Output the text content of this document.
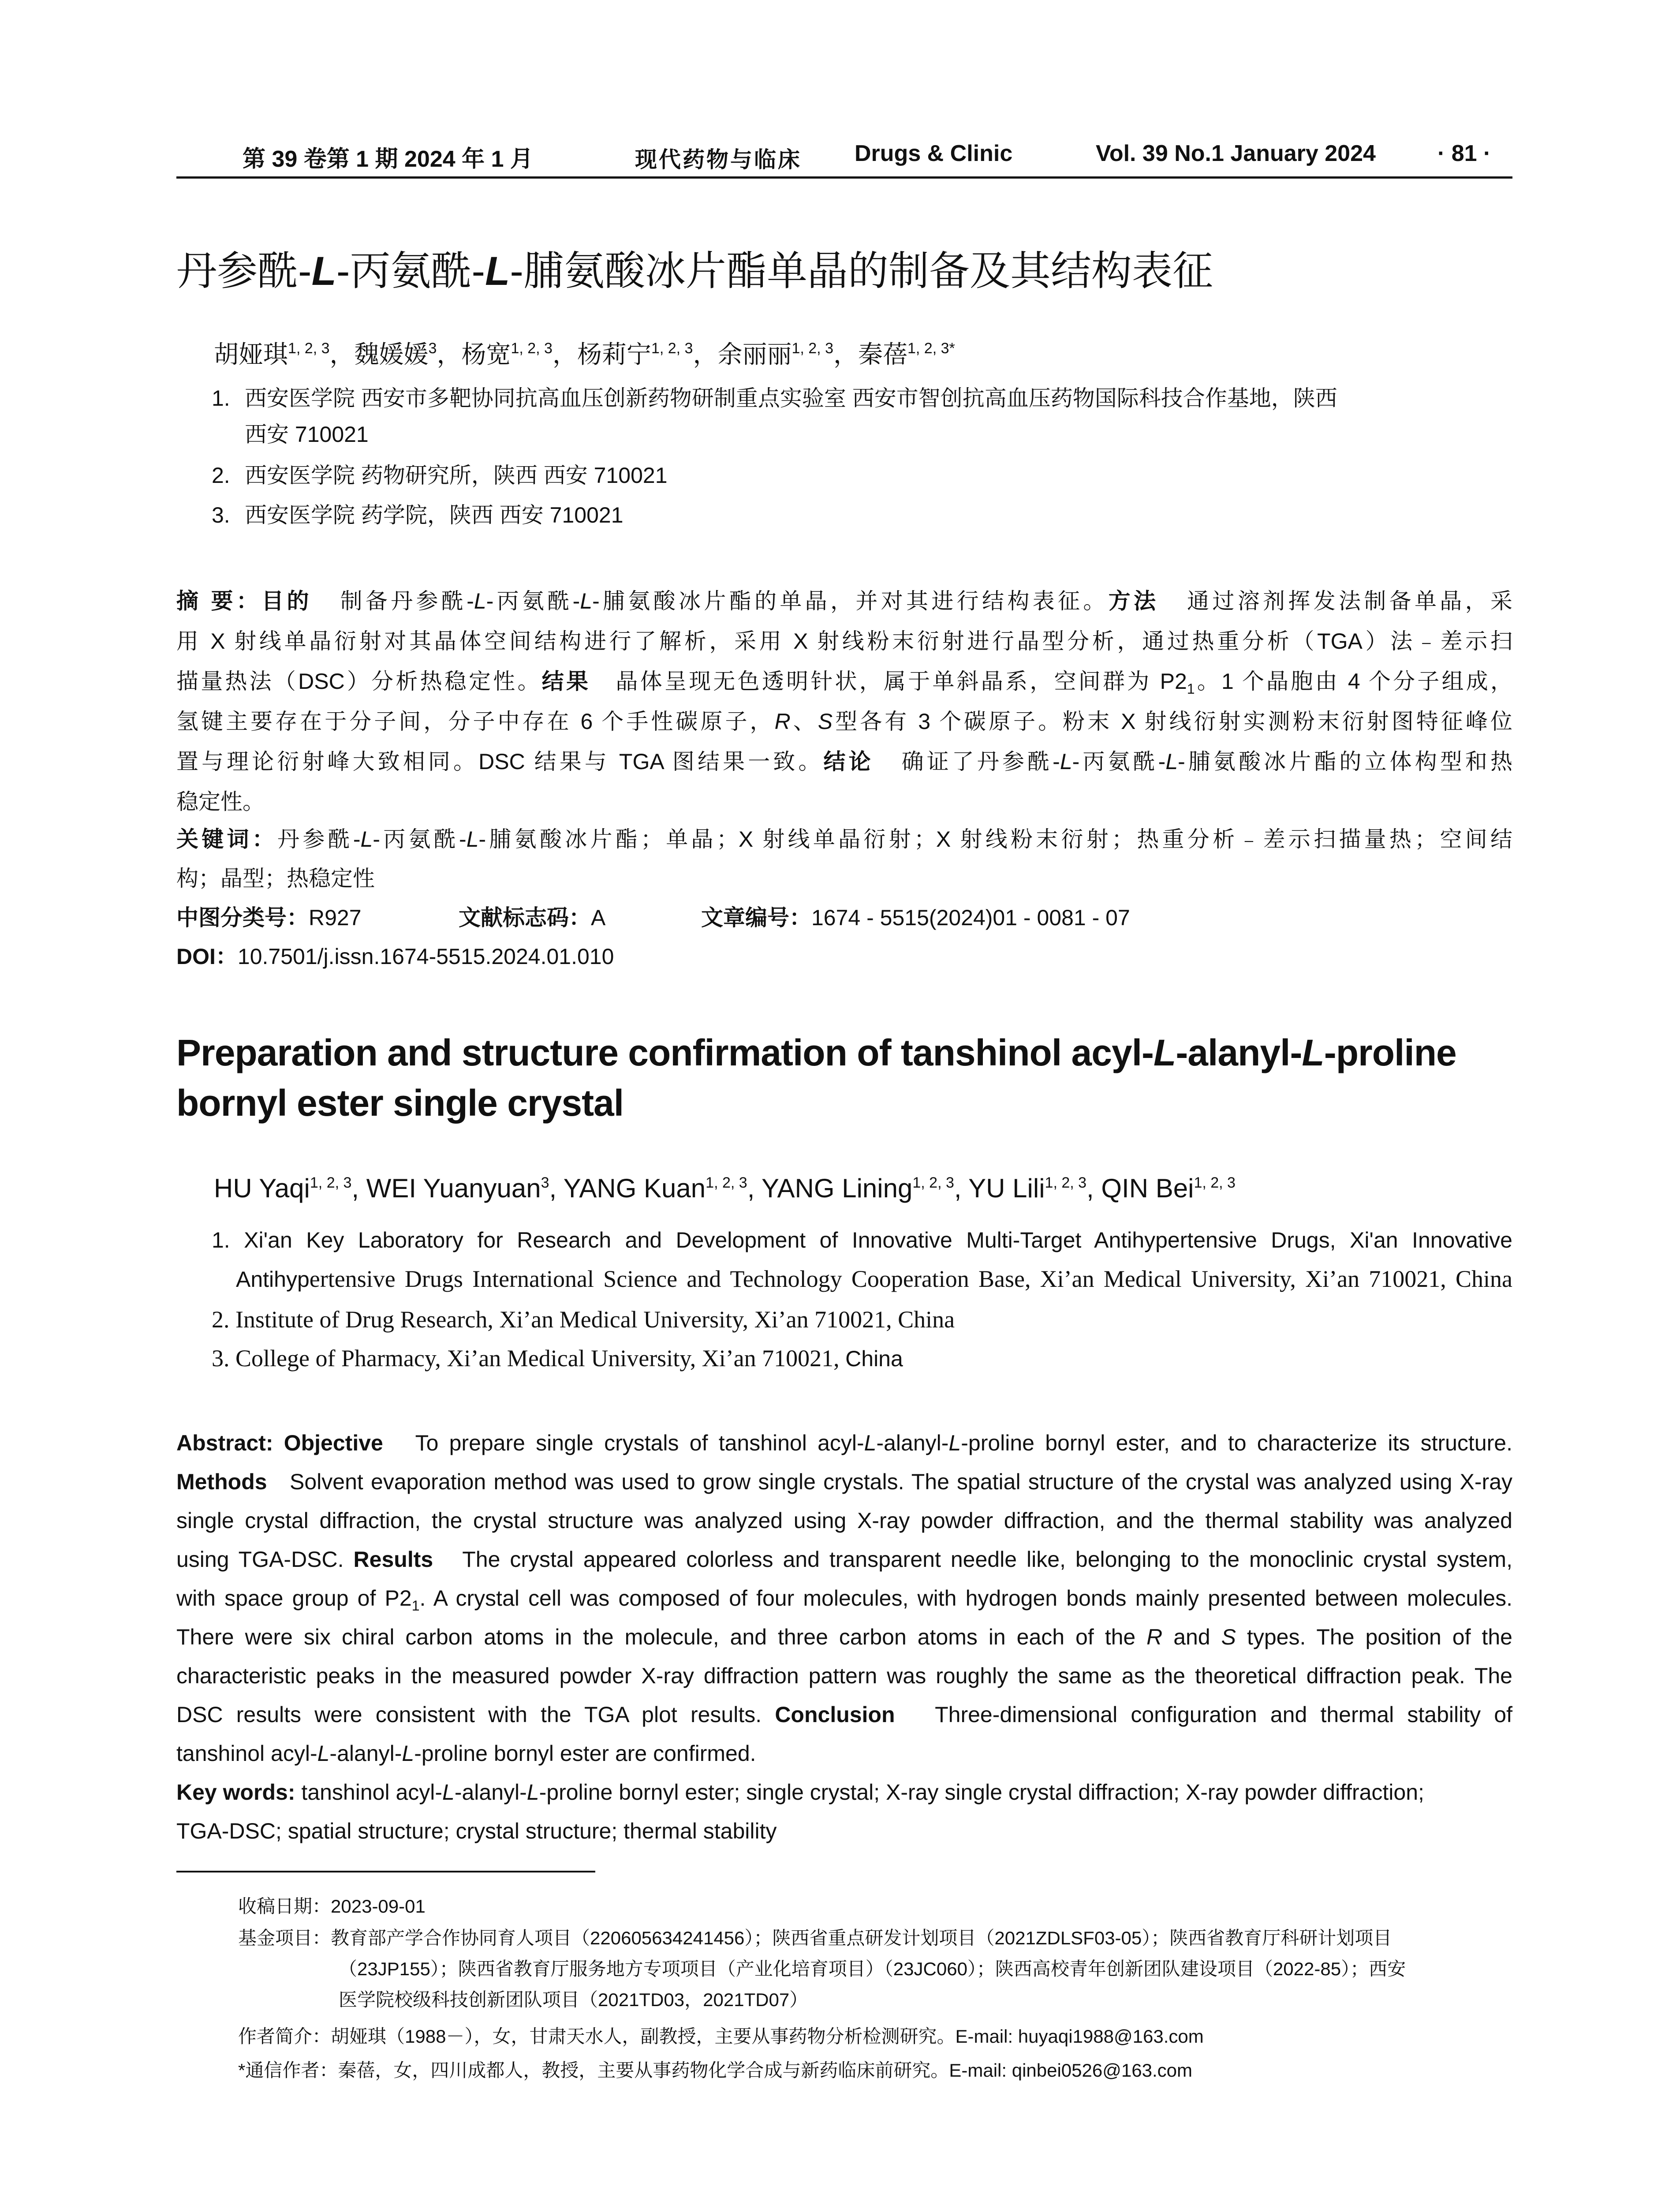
第 39 卷第 1 期 2024 年 1 月	现代药物与临床 Drugs & Clinic	Vol. 39 No.1 January 2024	· 81 ·
丹参酰-L-丙氨酰-L-脯氨酸冰片酯单晶的制备及其结构表征
胡娅琪$^{1, 2, 3}$，魏媛媛$^3$，杨宽$^{1, 2, 3}$，杨莉宁$^{1, 2, 3}$，余丽丽$^{1, 2, 3}$，秦蓓$^{1, 2, 3*}$
1. 西安医学院 西安市多靶协同抗高血压创新药物研制重点实验室 西安市智创抗高血压药物国际科技合作基地，陕西
西安 710021
2. 西安医学院 药物研究所，陕西 西安 710021
3. 西安医学院 药学院，陕西 西安 710021
摘 要：目的 制备丹参酰-L-丙氨酰-L-脯氨酸冰片酯的单晶，并对其进行结构表征。方法 通过溶剂挥发法制备单晶，采
用 X 射线单晶衍射对其晶体空间结构进行了解析，采用 X 射线粉末衍射进行晶型分析，通过热重分析（TGA）法﹣差示扫
描量热法（DSC）分析热稳定性。结果 晶体呈现无色透明针状，属于单斜晶系，空间群为 $P2_1$。1 个晶胞由 4 个分子组成，
氢键主要存在于分子间，分子中存在 6 个手性碳原子，R、S型各有 3 个碳原子。粉末 X 射线衍射实测粉末衍射图特征峰位
置与理论衍射峰大致相同。DSC 结果与 TGA 图结果一致。结论 确证了丹参酰-L-丙氨酰-L-脯氨酸冰片酯的立体构型和热
稳定性。
关键词：丹参酰-L-丙氨酰-L-脯氨酸冰片酯；单晶；X 射线单晶衍射；X 射线粉末衍射；热重分析﹣差示扫描量热；空间结
构；晶型；热稳定性
中图分类号：R927	文献标志码：A	文章编号：1674 - 5515(2024)01 - 0081 - 07
DOI：10.7501/j.issn.1674-5515.2024.01.010
Preparation and structure confirmation of tanshinol acyl-L-alanyl-L-proline
bornyl ester single crystal
HU Yaqi$^{1, 2, 3}$, WEI Yuanyuan$^3$, YANG Kuan$^{1, 2, 3}$, YANG Lining$^{1, 2, 3}$, YU Lili$^{1, 2, 3}$, QIN Bei$^{1, 2, 3}$
1. Xi'an Key Laboratory for Research and Development of Innovative Multi-Target Antihypertensive Drugs, Xi'an Innovative
Antihypertensive Drugs International Science and Technology Cooperation Base, Xi’an Medical University, Xi’an 710021, China
2. Institute of Drug Research, Xi’an Medical University, Xi’an 710021, China
3. College of Pharmacy, Xi’an Medical University, Xi’an 710021, China
Abstract: Objective To prepare single crystals of tanshinol acyl-L-alanyl-L-proline bornyl ester, and to characterize its structure.
Methods Solvent evaporation method was used to grow single crystals. The spatial structure of the crystal was analyzed using X-ray
single crystal diffraction, the crystal structure was analyzed using X-ray powder diffraction, and the thermal stability was analyzed
using TGA-DSC. Results The crystal appeared colorless and transparent needle like, belonging to the monoclinic crystal system,
with space group of $P2_1$. A crystal cell was composed of four molecules, with hydrogen bonds mainly presented between molecules.
There were six chiral carbon atoms in the molecule, and three carbon atoms in each of the R and S types. The position of the
characteristic peaks in the measured powder X-ray diffraction pattern was roughly the same as the theoretical diffraction peak. The
DSC results were consistent with the TGA plot results. Conclusion Three-dimensional configuration and thermal stability of
tanshinol acyl-L-alanyl-L-proline bornyl ester are confirmed.
Key words: tanshinol acyl-L-alanyl-L-proline bornyl ester; single crystal; X-ray single crystal diffraction; X-ray powder diffraction;
TGA-DSC; spatial structure; crystal structure; thermal stability
收稿日期：2023-09-01
基金项目：教育部产学合作协同育人项目（220605634241456）；陕西省重点研发计划项目（2021ZDLSF03-05）；陕西省教育厅科研计划项目
（23JP155）；陕西省教育厅服务地方专项项目（产业化培育项目）（23JC060）；陕西高校青年创新团队建设项目（2022-85）；西安
医学院校级科技创新团队项目（2021TD03，2021TD07）
作者简介：胡娅琪（1988－），女，甘肃天水人，副教授，主要从事药物分析检测研究。E-mail: huyaqi1988@163.com
*通信作者：秦蓓，女，四川成都人，教授，主要从事药物化学合成与新药临床前研究。E-mail: qinbei0526@163.com
